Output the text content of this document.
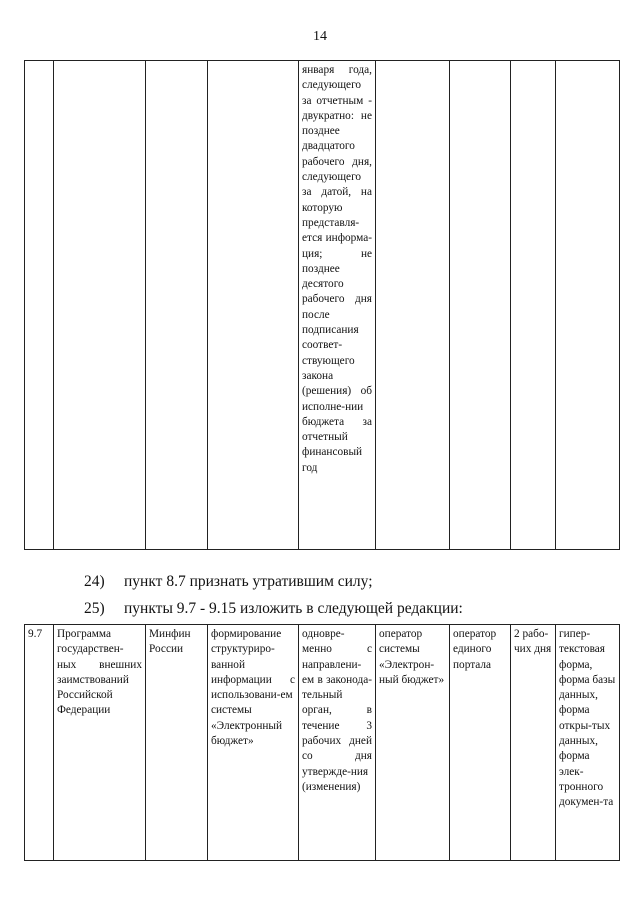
14
				января года, следующего за отчетным - двукратно: не позднее двадцатого рабочего дня, следующего за датой, на которую представля-ется информа-ция; не позднее десятого рабочего дня после подписания соответ-ствующего закона (решения) об исполне-нии бюджета за отчетный финансовый год				
24) пункт 8.7 признать утратившим силу;
25) пункты 9.7 - 9.15 изложить в следующей редакции:
9.7	Программа государствен-ных внешних заимствований Российской Федерации	Минфин России	формирование структуриро-ванной информации с использовани-ем системы «Электронный бюджет»	одновре-менно с направлени-ем в законода-тельный орган, в течение 3 рабочих дней со дня утвержде-ния (изменения)	оператор системы «Электрон-ный бюджет»	оператор единого портала	2 рабо-чих дня	гипер-текстовая форма, форма базы данных, форма откры-тых данных, форма элек-тронного докумен-та
